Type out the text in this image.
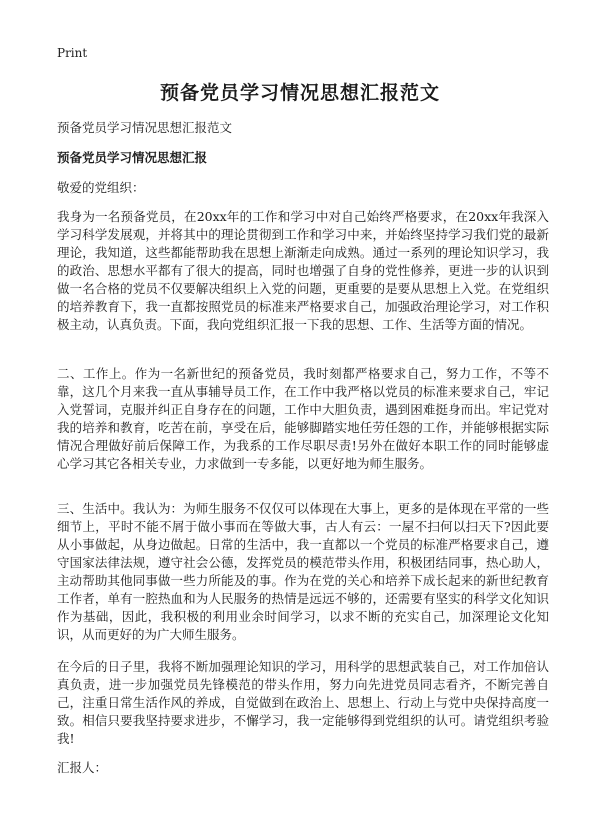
Print
预备党员学习情况思想汇报范文
预备党员学习情况思想汇报范文
预备党员学习情况思想汇报
敬爱的党组织：

我身为一名预备党员，在20xx年的工作和学习中对自己始终严格要求，在20xx年我深入学习科学发展观，并将其中的理论贯彻到工作和学习中来，并始终坚持学习我们党的最新理论，我知道，这些都能帮助我在思想上渐渐走向成熟。通过一系列的理论知识学习，我的政治、思想水平都有了很大的提高，同时也增强了自身的党性修养，更进一步的认识到做一名合格的党员不仅要解决组织上入党的问题，更重要的是要从思想上入党。在党组织的培养教育下，我一直都按照党员的标准来严格要求自己，加强政治理论学习，对工作积极主动，认真负责。下面，我向党组织汇报一下我的思想、工作、生活等方面的情况。

二、工作上。作为一名新世纪的预备党员，我时刻都严格要求自己，努力工作，不等不靠，这几个月来我一直从事辅导员工作，在工作中我严格以党员的标准来要求自己，牢记入党誓词，克服并纠正自身存在的问题，工作中大胆负责，遇到困难挺身而出。牢记党对我的培养和教育，吃苦在前，享受在后，能够脚踏实地任劳任怨的工作，并能够根据实际情况合理做好前后保障工作，为我系的工作尽职尽责!另外在做好本职工作的同时能够虚心学习其它各相关专业，力求做到一专多能，以更好地为师生服务。

三、生活中。我认为：为师生服务不仅仅可以体现在大事上，更多的是体现在平常的一些细节上，平时不能不屑于做小事而在等做大事，古人有云：一屋不扫何以扫天下?因此要从小事做起，从身边做起。日常的生活中，我一直都以一个党员的标准严格要求自己，遵守国家法律法规，遵守社会公德，发挥党员的模范带头作用，积极团结同事，热心助人，主动帮助其他同事做一些力所能及的事。作为在党的关心和培养下成长起来的新世纪教育工作者，单有一腔热血和为人民服务的热情是远远不够的，还需要有坚实的科学文化知识作为基础，因此，我积极的利用业余时间学习，以求不断的充实自己，加深理论文化知识，从而更好的为广大师生服务。

在今后的日子里，我将不断加强理论知识的学习，用科学的思想武装自己，对工作加倍认真负责，进一步加强党员先锋模范的带头作用，努力向先进党员同志看齐，不断完善自己，注重日常生活作风的养成，自觉做到在政治上、思想上、行动上与党中央保持高度一致。相信只要我坚持要求进步，不懈学习，我一定能够得到党组织的认可。请党组织考验我!

汇报人：
